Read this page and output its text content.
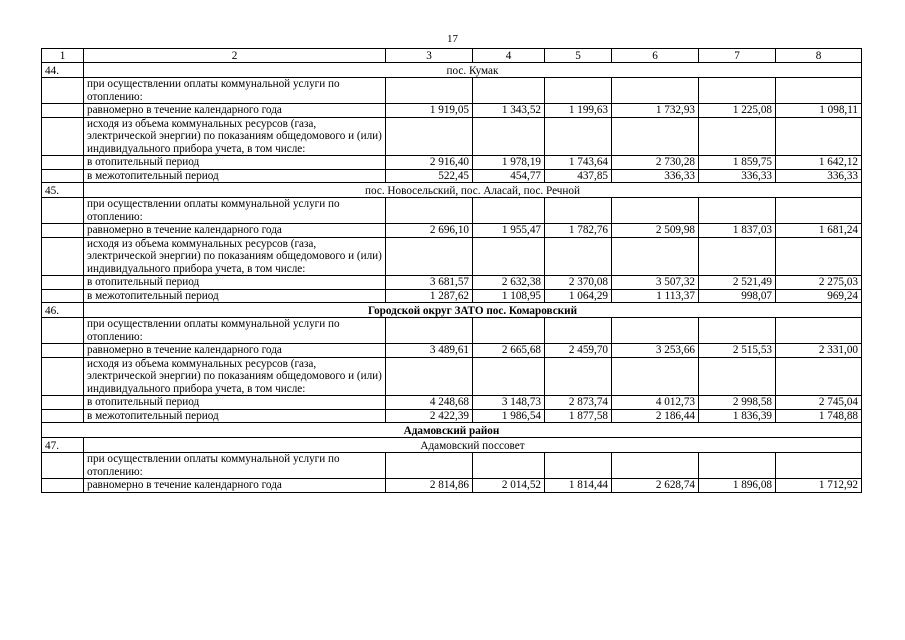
17
1	2	3	4	5	6	7	8
44.	пос. Кумак						
	при осуществлении оплаты коммунальной услуги по отоплению:						
	равномерно в течение календарного года	1 919,05	1 343,52	1 199,63	1 732,93	1 225,08	1 098,11
	исходя из объема коммунальных ресурсов (газа, электрической энергии) по показаниям общедомового и (или) индивидуального прибора учета, в том числе:						
	в отопительный период	2 916,40	1 978,19	1 743,64	2 730,28	1 859,75	1 642,12
	в межотопительный период	522,45	454,77	437,85	336,33	336,33	336,33
45.	пос. Новосельский, пос. Аласай, пос. Речной						
	при осуществлении оплаты коммунальной услуги по отоплению:						
	равномерно в течение календарного года	2 696,10	1 955,47	1 782,76	2 509,98	1 837,03	1 681,24
	исходя из объема коммунальных ресурсов (газа, электрической энергии) по показаниям общедомового и (или) индивидуального прибора учета, в том числе:						
	в отопительный период	3 681,57	2 632,38	2 370,08	3 507,32	2 521,49	2 275,03
	в межотопительный период	1 287,62	1 108,95	1 064,29	1 113,37	998,07	969,24
46.	Городской округ ЗАТО пос. Комаровский						
	при осуществлении оплаты коммунальной услуги по отоплению:						
	равномерно в течение календарного года	3 489,61	2 665,68	2 459,70	3 253,66	2 515,53	2 331,00
	исходя из объема коммунальных ресурсов (газа, электрической энергии) по показаниям общедомового и (или) индивидуального прибора учета, в том числе:						
	в отопительный период	4 248,68	3 148,73	2 873,74	4 012,73	2 998,58	2 745,04
	в межотопительный период	2 422,39	1 986,54	1 877,58	2 186,44	1 836,39	1 748,88
Адамовский район							
47.	Адамовский поссовет						
	при осуществлении оплаты коммунальной услуги по отоплению:						
	равномерно в течение календарного года	2 814,86	2 014,52	1 814,44	2 628,74	1 896,08	1 712,92
